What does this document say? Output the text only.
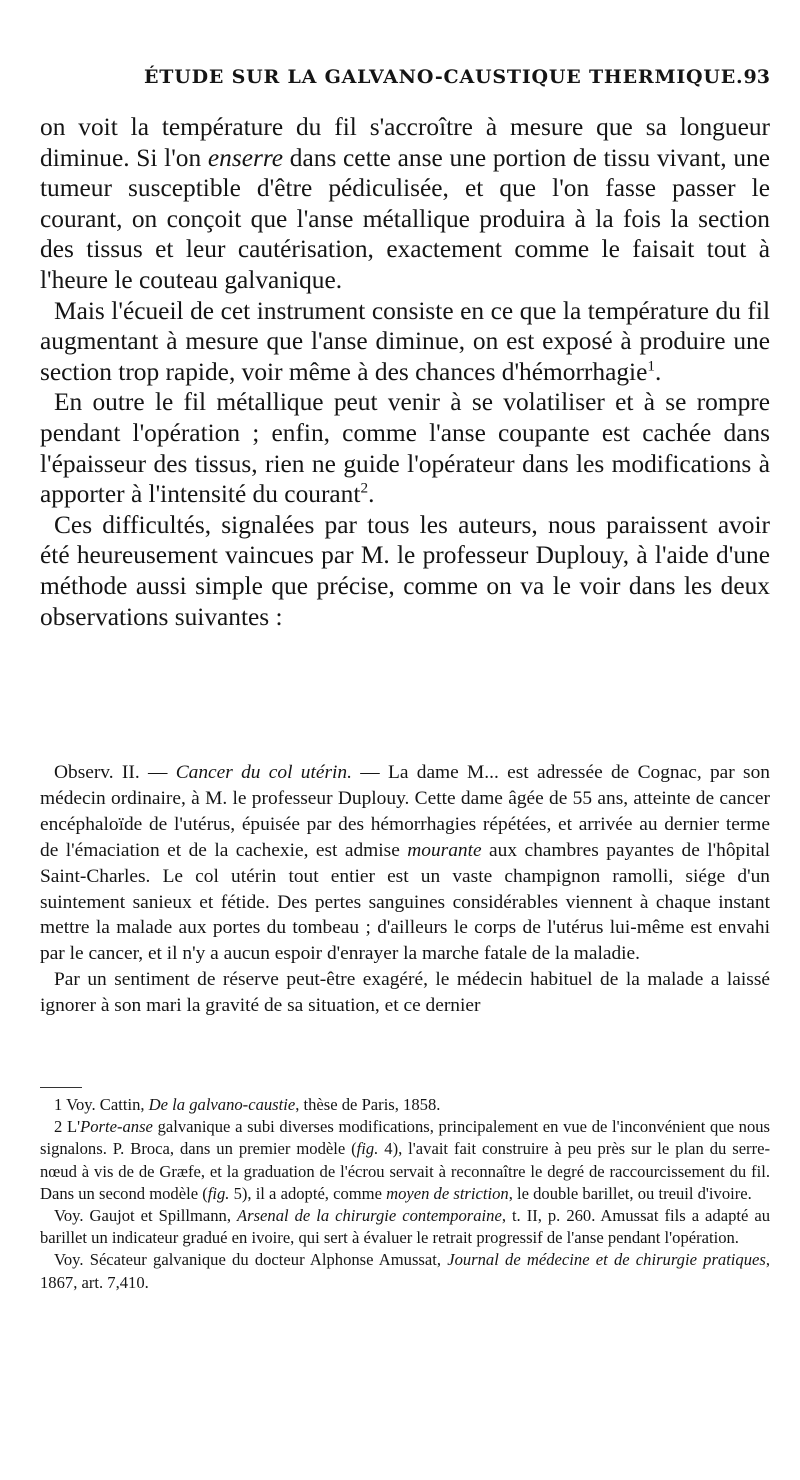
ÉTUDE SUR LA GALVANO-CAUSTIQUE THERMIQUE. 93

on voit la température du fil s'accroître à mesure que sa longueur diminue. Si l'on enserre dans cette anse une portion de tissu vivant, une tumeur susceptible d'être pédiculisée, et que l'on fasse passer le courant, on conçoit que l'anse métallique produira à la fois la section des tissus et leur cautérisation, exactement comme le faisait tout à l'heure le couteau galvanique.

Mais l'écueil de cet instrument consiste en ce que la température du fil augmentant à mesure que l'anse diminue, on est exposé à produire une section trop rapide, voir même à des chances d'hémorrhagie$^1$.

En outre le fil métallique peut venir à se volatiliser et à se rompre pendant l'opération ; enfin, comme l'anse coupante est cachée dans l'épaisseur des tissus, rien ne guide l'opérateur dans les modifications à apporter à l'intensité du courant$^2$.

Ces difficultés, signalées par tous les auteurs, nous paraissent avoir été heureusement vaincues par M. le professeur Duplouy, à l'aide d'une méthode aussi simple que précise, comme on va le voir dans les deux observations suivantes :

Observ. II. — Cancer du col utérin. — La dame M... est adressée de Cognac, par son médecin ordinaire, à M. le professeur Duplouy. Cette dame âgée de 55 ans, atteinte de cancer encéphaloïde de l'utérus, épuisée par des hémorrhagies répétées, et arrivée au dernier terme de l'émaciation et de la cachexie, est admise mourante aux chambres payantes de l'hôpital Saint-Charles. Le col utérin tout entier est un vaste champignon ramolli, siége d'un suintement sanieux et fétide. Des pertes sanguines considérables viennent à chaque instant mettre la malade aux portes du tombeau ; d'ailleurs le corps de l'utérus lui-même est envahi par le cancer, et il n'y a aucun espoir d'enrayer la marche fatale de la maladie.

Par un sentiment de réserve peut-être exagéré, le médecin habituel de la malade a laissé ignorer à son mari la gravité de sa situation, et ce dernier

1 Voy. Cattin, De la galvano-caustie, thèse de Paris, 1858.

2 L'Porte-anse galvanique a subi diverses modifications, principalement en vue de l'inconvénient que nous signalons. P. Broca, dans un premier modèle (fig. 4), l'avait fait construire à peu près sur le plan du serre-nœud à vis de de Græfe, et la graduation de l'écrou servait à reconnaître le degré de raccourcissement du fil. Dans un second modèle (fig. 5), il a adopté, comme moyen de striction, le double barillet, ou treuil d'ivoire.

Voy. Gaujot et Spillmann, Arsenal de la chirurgie contemporaine, t. II, p. 260. Amussat fils a adapté au barillet un indicateur gradué en ivoire, qui sert à évaluer le retrait progressif de l'anse pendant l'opération.

Voy. Sécateur galvanique du docteur Alphonse Amussat, Journal de médecine et de chirurgie pratiques, 1867, art. 7,410.
